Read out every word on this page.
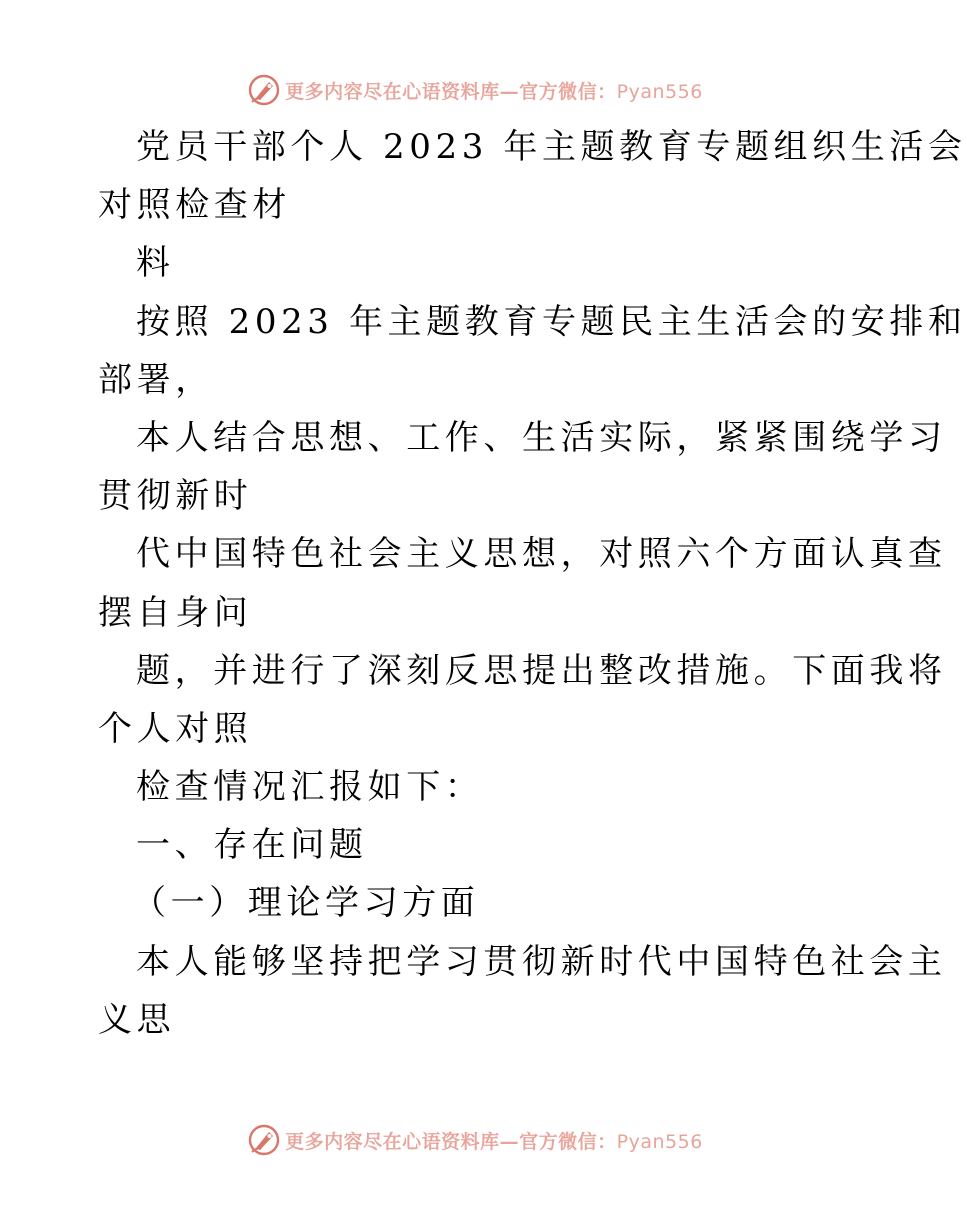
更多内容尽在心语资料库—官方微信：Pyan556
党员干部个人 2023 年主题教育专题组织生活会
对照检查材
料
按照 2023 年主题教育专题民主生活会的安排和
部署，
本人结合思想、工作、生活实际，紧紧围绕学习
贯彻新时
代中国特色社会主义思想，对照六个方面认真查
摆自身问
题，并进行了深刻反思提出整改措施。下面我将
个人对照
检查情况汇报如下：
一、存在问题
（一）理论学习方面
本人能够坚持把学习贯彻新时代中国特色社会主
义思
更多内容尽在心语资料库—官方微信：Pyan556
